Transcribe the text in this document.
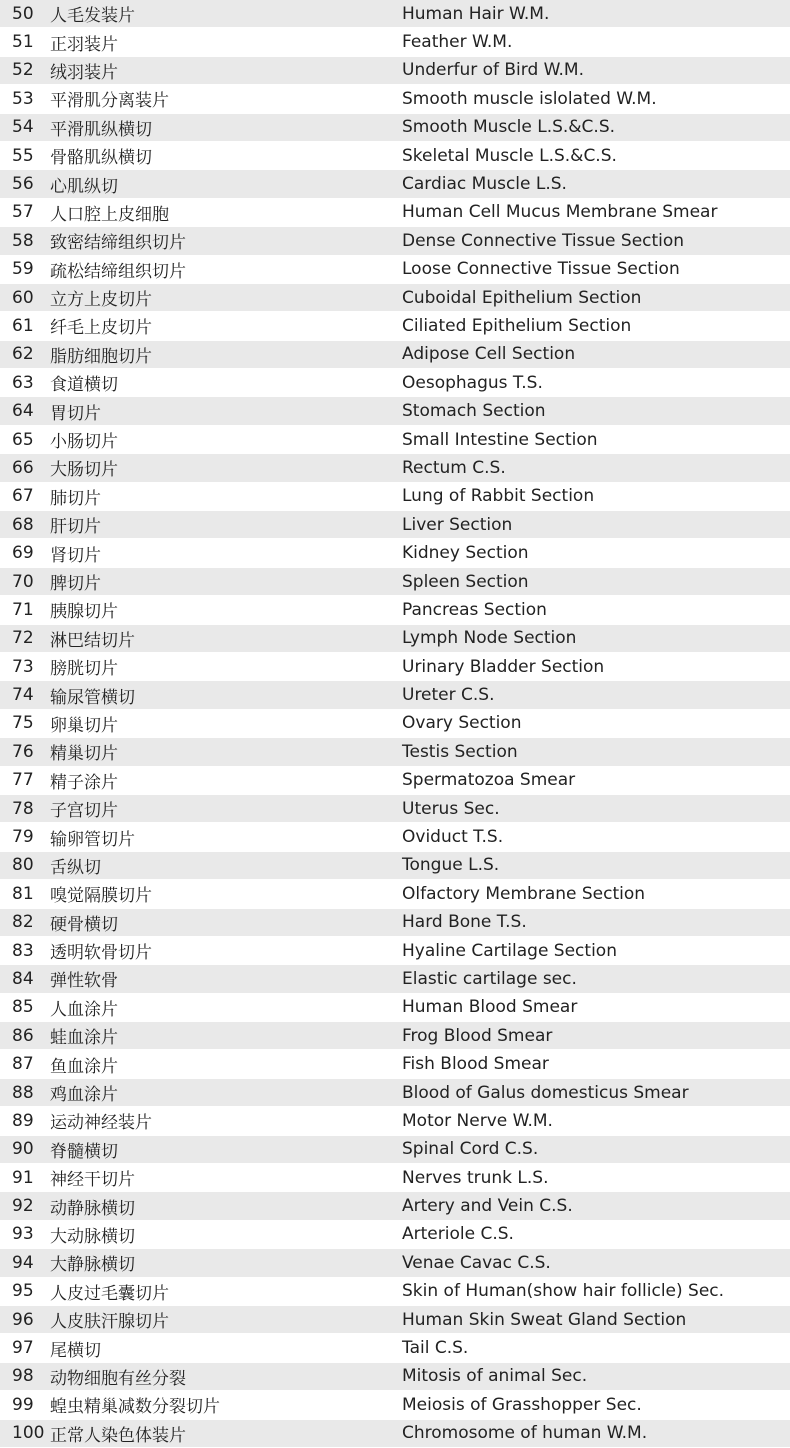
50 人毛发装片	Human Hair W.M.
51 正羽装片	Feather W.M.
52 绒羽装片	Underfur of Bird W.M.
53 平滑肌分离装片	Smooth muscle islolated W.M.
54 平滑肌纵横切	Smooth Muscle L.S.&C.S.
55 骨骼肌纵横切	Skeletal Muscle L.S.&C.S.
56 心肌纵切	Cardiac Muscle L.S.
57 人口腔上皮细胞	Human Cell Mucus Membrane Smear
58 致密结缔组织切片	Dense Connective Tissue Section
59 疏松结缔组织切片	Loose Connective Tissue Section
60 立方上皮切片	Cuboidal Epithelium Section
61 纤毛上皮切片	Ciliated Epithelium Section
62 脂肪细胞切片	Adipose Cell Section
63 食道横切	Oesophagus T.S.
64 胃切片	Stomach Section
65 小肠切片	Small Intestine Section
66 大肠切片	Rectum C.S.
67 肺切片	Lung of Rabbit Section
68 肝切片	Liver Section
69 肾切片	Kidney Section
70 脾切片	Spleen Section
71 胰腺切片	Pancreas Section
72 淋巴结切片	Lymph Node Section
73 膀胱切片	Urinary Bladder Section
74 输尿管横切	Ureter C.S.
75 卵巢切片	Ovary Section
76 精巢切片	Testis Section
77 精子涂片	Spermatozoa Smear
78 子宫切片	Uterus Sec.
79 输卵管切片	Oviduct T.S.
80 舌纵切	Tongue L.S.
81 嗅觉隔膜切片	Olfactory Membrane Section
82 硬骨横切	Hard Bone T.S.
83 透明软骨切片	Hyaline Cartilage Section
84 弹性软骨	Elastic cartilage sec.
85 人血涂片	Human Blood Smear
86 蛙血涂片	Frog Blood Smear
87 鱼血涂片	Fish Blood Smear
88 鸡血涂片	Blood of Galus domesticus Smear
89 运动神经装片	Motor Nerve W.M.
90 脊髓横切	Spinal Cord C.S.
91 神经干切片	Nerves trunk L.S.
92 动静脉横切	Artery and Vein C.S.
93 大动脉横切	Arteriole C.S.
94 大静脉横切	Venae Cavac C.S.
95 人皮过毛囊切片	Skin of Human(show hair follicle) Sec.
96 人皮肤汗腺切片	Human Skin Sweat Gland Section
97 尾横切	Tail C.S.
98 动物细胞有丝分裂	Mitosis of animal Sec.
99 蝗虫精巢减数分裂切片	Meiosis of Grasshopper Sec.
100 正常人染色体装片	Chromosome of human W.M.
